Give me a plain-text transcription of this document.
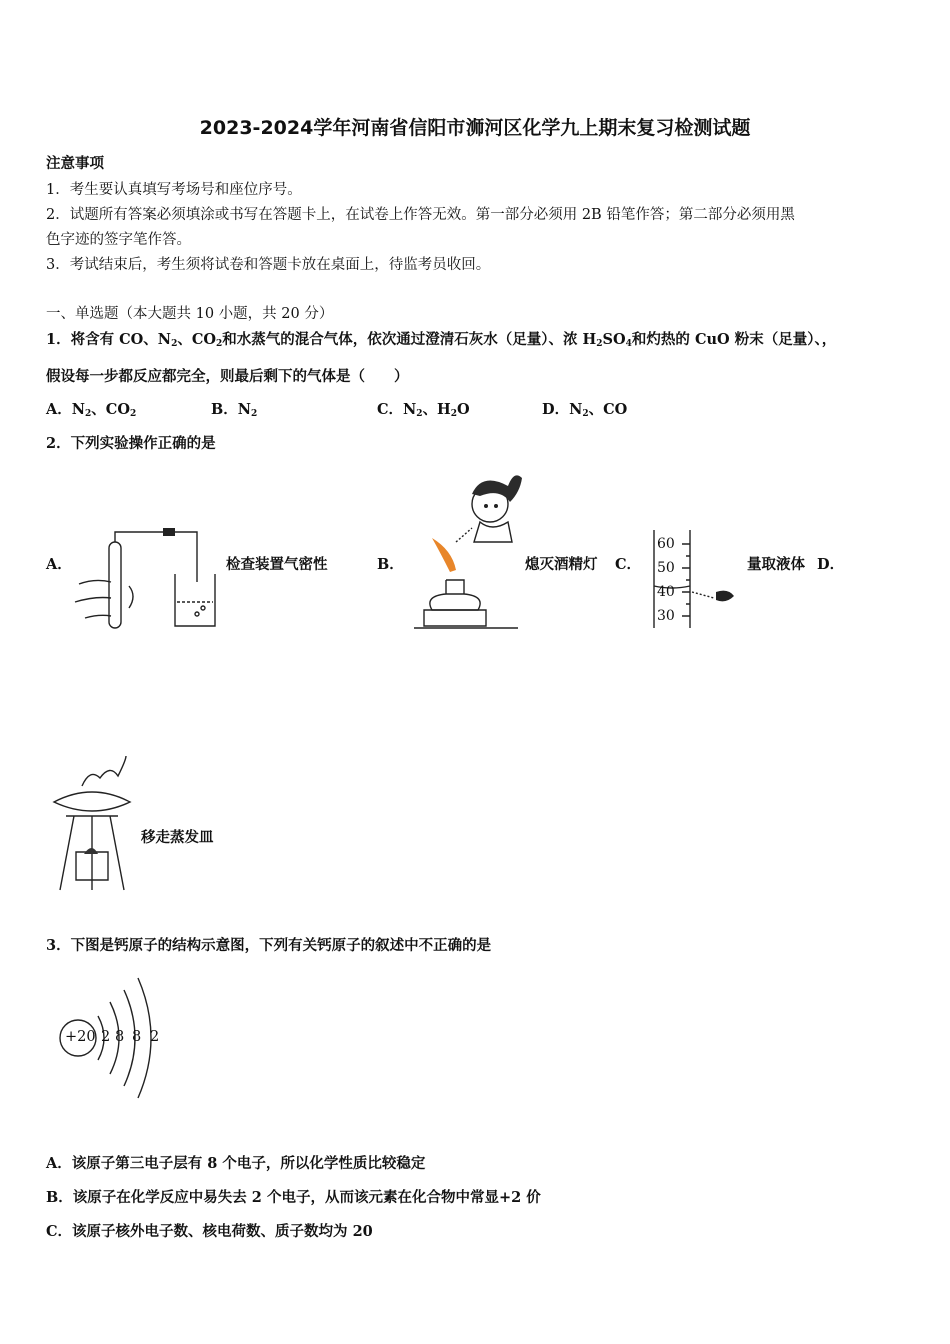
2023-2024学年河南省信阳市浉河区化学九上期末复习检测试题
注意事项
1．考生要认真填写考场号和座位序号。
2．试题所有答案必须填涂或书写在答题卡上，在试卷上作答无效。第一部分必须用 2B 铅笔作答；第二部分必须用黑
色字迹的签字笔作答。
3．考试结束后，考生须将试卷和答题卡放在桌面上，待监考员收回。
一、单选题（本大题共 10 小题，共 20 分）
1．将含有 CO、$N_2$、$CO_2$和水蒸气的混合气体，依次通过澄清石灰水（足量）、浓 $H_2SO_4$和灼热的 CuO 粉末（足量）、，
假设每一步都反应都完全，则最后剩下的气体是（　　）
A．$N_2$、$CO_2$	B．$N_2$	C．$N_2$、$H_2O$	D．$N_2$、CO
2．下列实验操作正确的是
A．	检查装置气密性	B．	熄灭酒精灯 C．
60
50
40
30
量取液体 D．
移走蒸发皿
3．下图是钙原子的结构示意图，下列有关钙原子的叙述中不正确的是
+20 2 8 8 2
A．该原子第三电子层有 8 个电子，所以化学性质比较稳定
B．该原子在化学反应中易失去 2 个电子，从而该元素在化合物中常显+2 价
C．该原子核外电子数、核电荷数、质子数均为 20
